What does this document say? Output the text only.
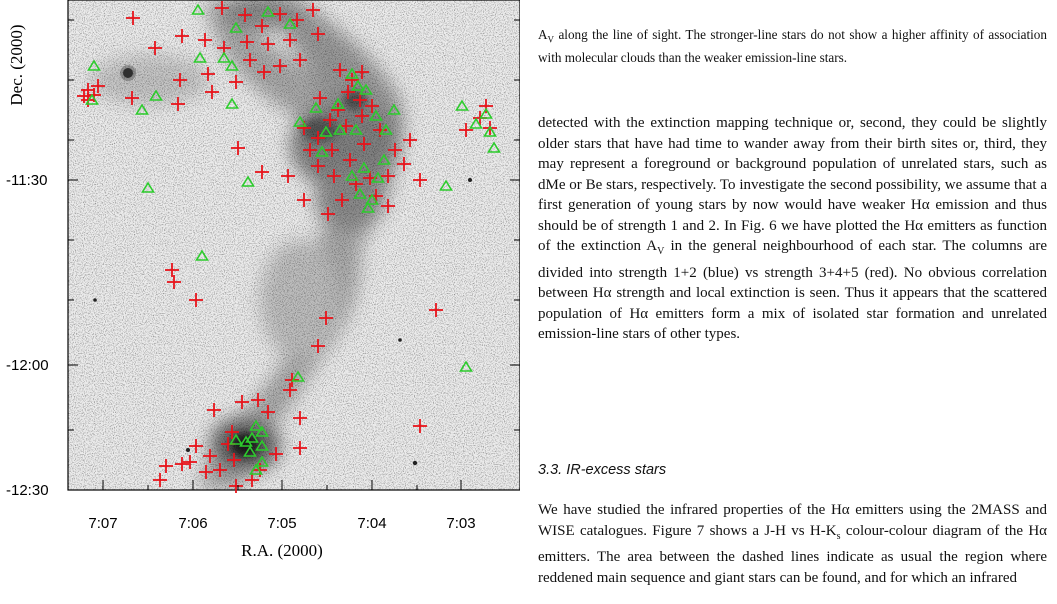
-11:30
-12:00
-12:30
Dec. (2000)
7:07	7:06	7:05	7:04	7:03
R.A. (2000)
$A_V$ along the line of sight. The stronger-line stars do not show a higher affinity of association with molecular clouds than the weaker emission-line stars.
detected with the extinction mapping technique or, second, they could be slightly older stars that have had time to wander away from their birth sites or, third, they may represent a foreground or background population of unrelated stars, such as dMe or Be stars, respectively. To investigate the second possibility, we assume that a first generation of young stars by now would have weaker Hα emission and thus should be of strength 1 and 2. In Fig. 6 we have plotted the Hα emitters as function of the extinction $A_V$ in the general neighbourhood of each star. The columns are divided into strength 1+2 (blue) vs strength 3+4+5 (red). No obvious correlation between Hα strength and local extinction is seen. Thus it appears that the scattered population of Hα emitters form a mix of isolated star formation and unrelated emission-line stars of other types.
3.3. IR-excess stars
We have studied the infrared properties of the Hα emitters using the 2MASS and WISE catalogues. Figure 7 shows a J-H vs $H-K_s$ colour-colour diagram of the Hα emitters. The area between the dashed lines indicate as usual the region where reddened main sequence and giant stars can be found, and for which an infrared
